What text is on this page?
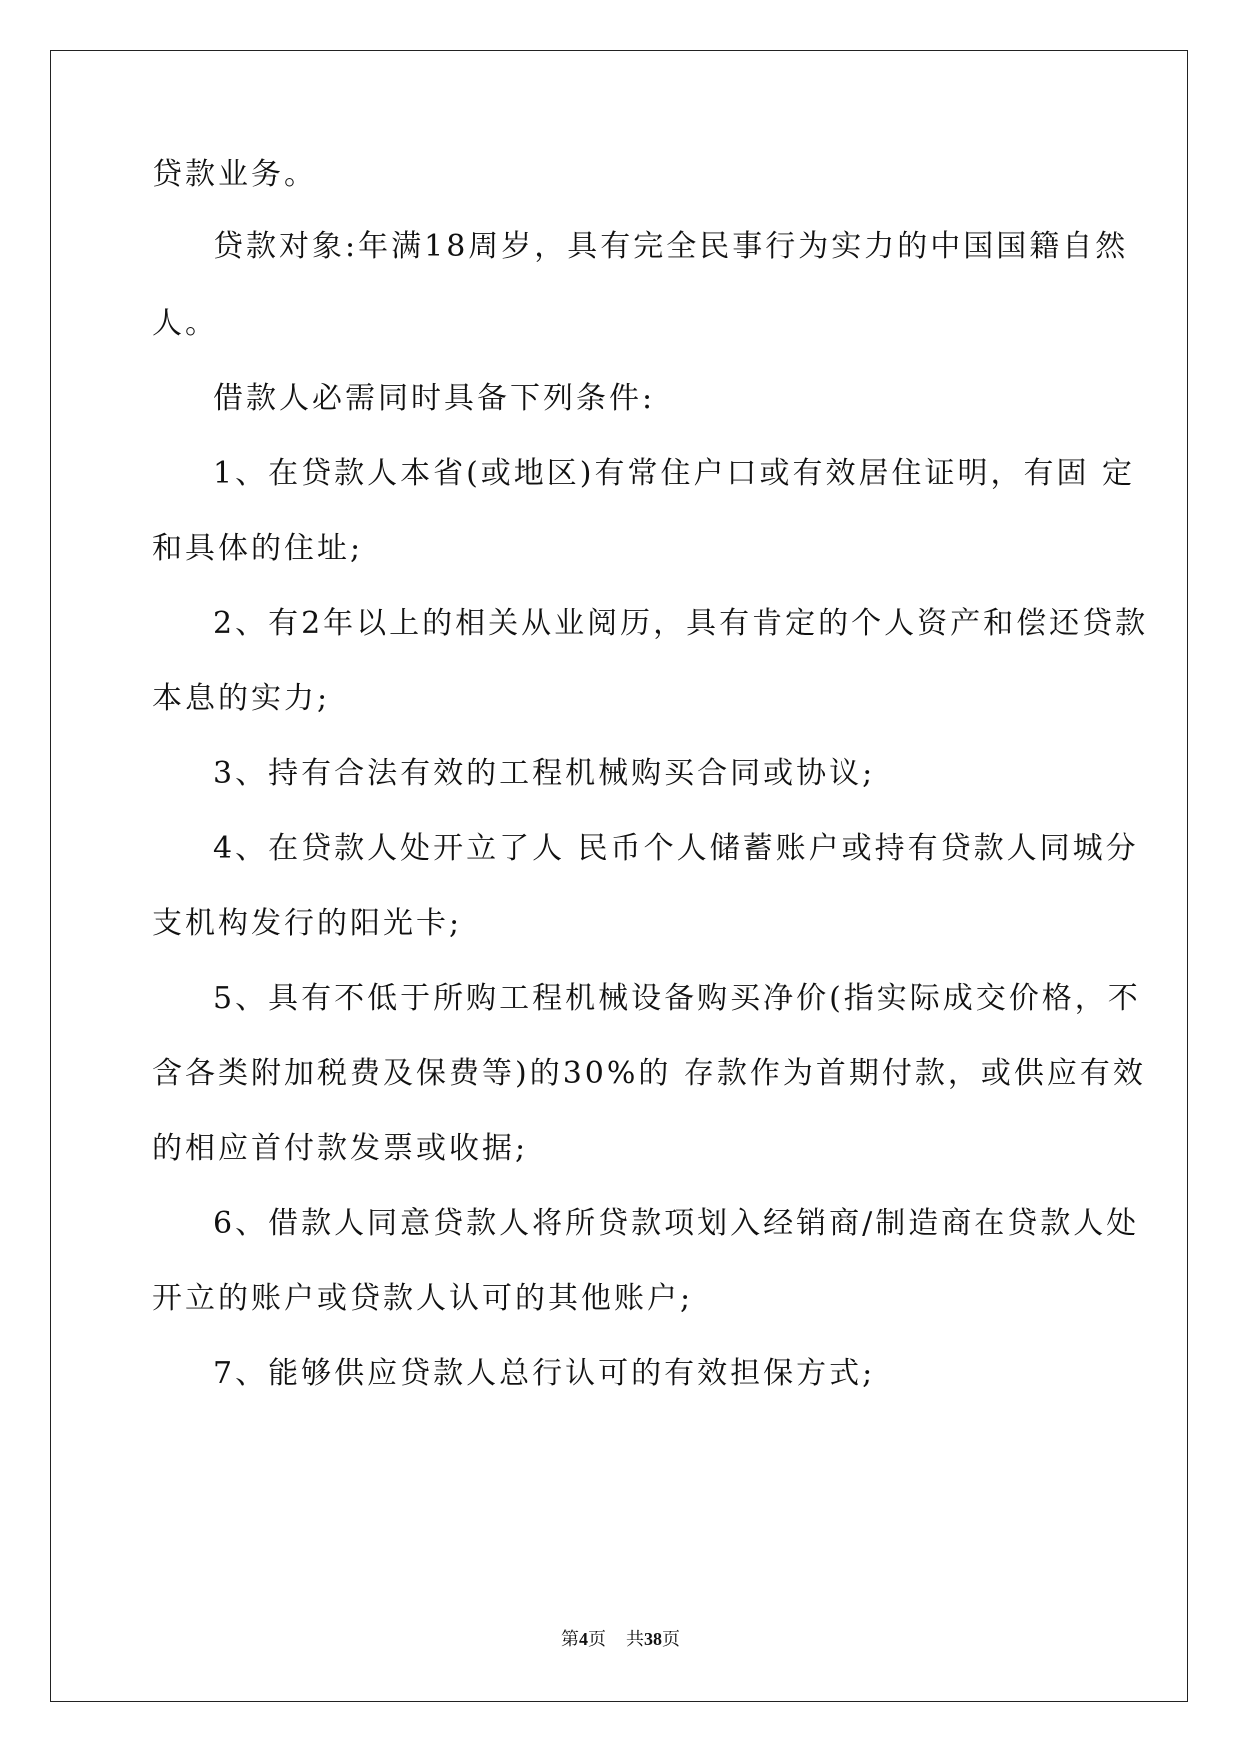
贷款业务。
贷款对象:年满18周岁，具有完全民事行为实力的中国国籍自然
人。
借款人必需同时具备下列条件:
1、在贷款人本省(或地区)有常住户口或有效居住证明，有固 定
和具体的住址;
2、有2年以上的相关从业阅历，具有肯定的个人资产和偿还贷款
本息的实力;
3、持有合法有效的工程机械购买合同或协议;
4、在贷款人处开立了人 民币个人储蓄账户或持有贷款人同城分
支机构发行的阳光卡;
5、具有不低于所购工程机械设备购买净价(指实际成交价格，不
含各类附加税费及保费等)的30%的 存款作为首期付款，或供应有效
的相应首付款发票或收据;
6、借款人同意贷款人将所贷款项划入经销商/制造商在贷款人处
开立的账户或贷款人认可的其他账户;
7、能够供应贷款人总行认可的有效担保方式;
第4页 共38页
